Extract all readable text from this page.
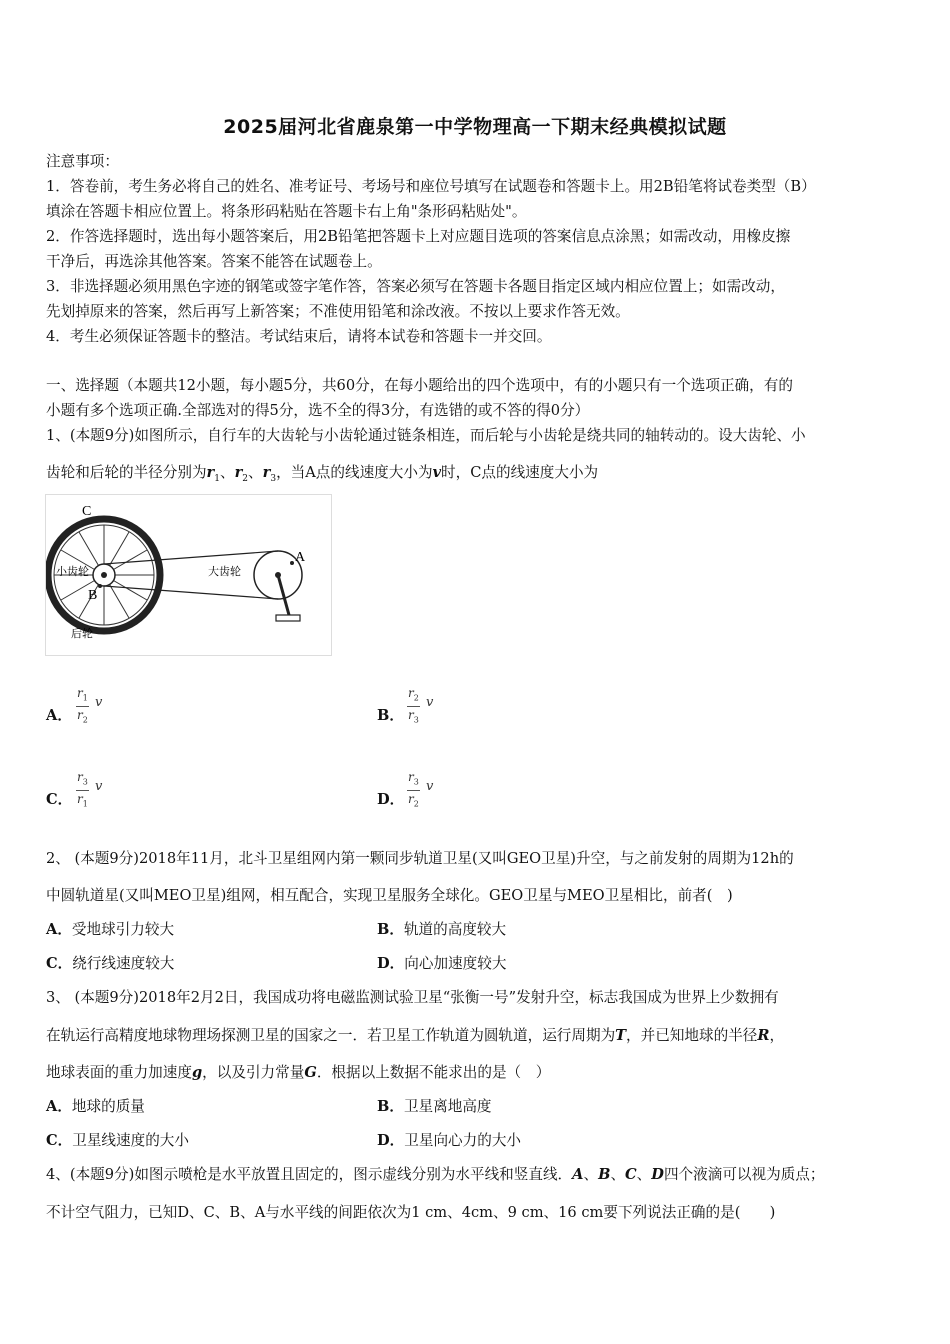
2025届河北省鹿泉第一中学物理高一下期末经典模拟试题
注意事项：
1．答卷前，考生务必将自己的姓名、准考证号、考场号和座位号填写在试题卷和答题卡上。用2B铅笔将试卷类型（B）
填涂在答题卡相应位置上。将条形码粘贴在答题卡右上角"条形码粘贴处"。
2．作答选择题时，选出每小题答案后，用2B铅笔把答题卡上对应题目选项的答案信息点涂黑；如需改动，用橡皮擦
干净后，再选涂其他答案。答案不能答在试题卷上。
3．非选择题必须用黑色字迹的钢笔或签字笔作答，答案必须写在答题卡各题目指定区域内相应位置上；如需改动，
先划掉原来的答案，然后再写上新答案；不准使用铅笔和涂改液。不按以上要求作答无效。
4．考生必须保证答题卡的整洁。考试结束后，请将本试卷和答题卡一并交回。
一、选择题（本题共12小题，每小题5分，共60分，在每小题给出的四个选项中，有的小题只有一个选项正确，有的
小题有多个选项正确.全部选对的得5分，选不全的得3分，有选错的或不答的得0分）
1、(本题9分)如图所示，自行车的大齿轮与小齿轮通过链条相连，而后轮与小齿轮是绕共同的轴转动的。设大齿轮、小
齿轮和后轮的半径分别为$r_1$、$r_2$、$r_3$，当A点的线速度大小为v时，C点的线速度大小为
C
A
B
小齿轮	大齿轮
后轮
A． $\frac{r_1}{r_2}$ v
B． $\frac{r_2}{r_3}$ v
C． $\frac{r_3}{r_1}$ v
D． $\frac{r_3}{r_2}$ v
2、 (本题9分)2018年11月，北斗卫星组网内第一颗同步轨道卫星(又叫GEO卫星)升空，与之前发射的周期为12h的
中圆轨道星(又叫MEO卫星)组网，相互配合，实现卫星服务全球化。GEO卫星与MEO卫星相比，前者(　)
A．受地球引力较大	B．轨道的高度较大
C．绕行线速度较大	D．向心加速度较大
3、 (本题9分)2018年2月2日，我国成功将电磁监测试验卫星“张衡一号”发射升空，标志我国成为世界上少数拥有
在轨运行高精度地球物理场探测卫星的国家之一．若卫星工作轨道为圆轨道，运行周期为T，并已知地球的半径R，
地球表面的重力加速度g，以及引力常量G．根据以上数据不能求出的是（　）
A．地球的质量	B．卫星离地高度
C．卫星线速度的大小	D．卫星向心力的大小
4、(本题9分)如图示喷枪是水平放置且固定的，图示虚线分别为水平线和竖直线．A、B、C、D四个液滴可以视为质点；
不计空气阻力，已知D、C、B、A与水平线的间距依次为1 cm、4cm、9 cm、16 cm要下列说法正确的是(　　)
